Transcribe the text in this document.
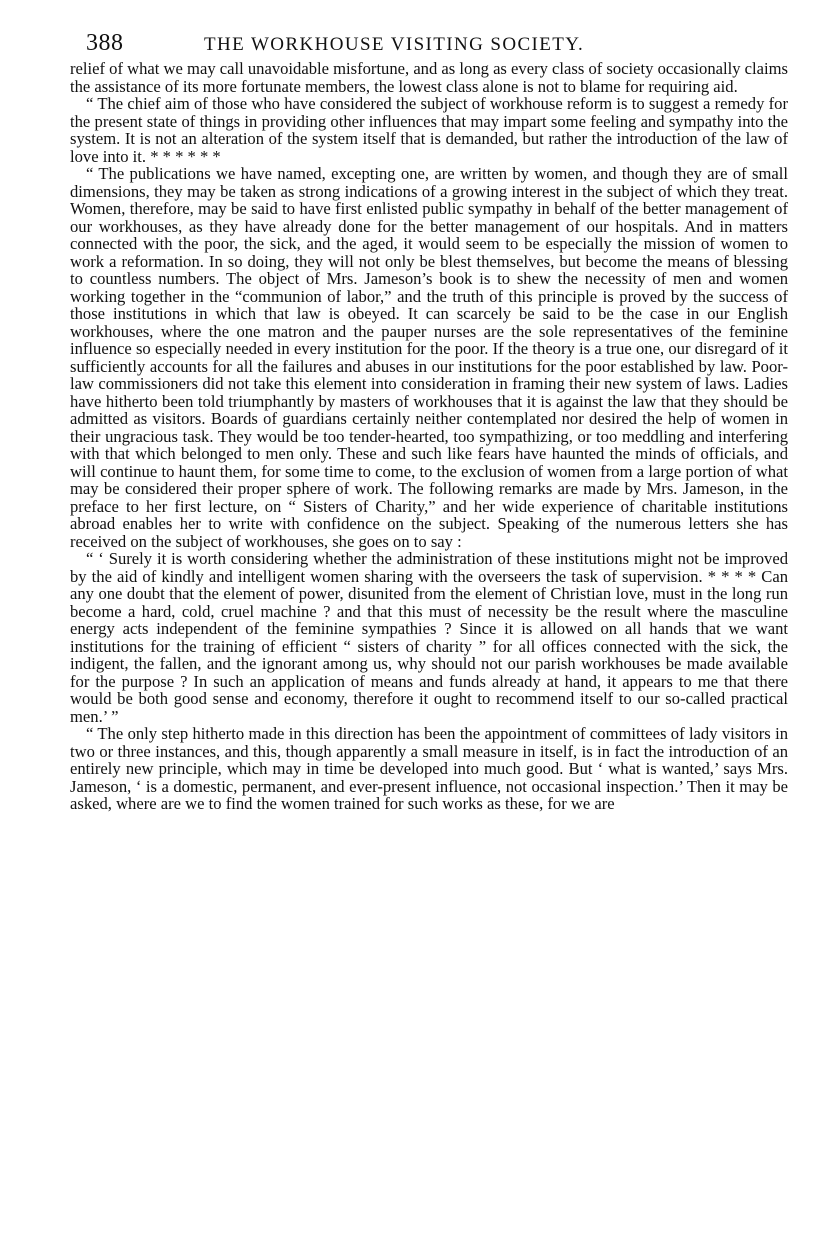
388	THE WORKHOUSE VISITING SOCIETY.

relief of what we may call unavoidable misfortune, and as long as every class of society occasionally claims the assistance of its more fortunate members, the lowest class alone is not to blame for requiring aid.

“ The chief aim of those who have considered the subject of workhouse reform is to suggest a remedy for the present state of things in providing other influences that may impart some feeling and sympathy into the system. It is not an alteration of the system itself that is demanded, but rather the introduction of the law of love into it. * * * * * *

“ The publications we have named, excepting one, are written by women, and though they are of small dimensions, they may be taken as strong indications of a growing interest in the subject of which they treat. Women, therefore, may be said to have first enlisted public sympathy in behalf of the better management of our workhouses, as they have already done for the better management of our hospitals. And in matters connected with the poor, the sick, and the aged, it would seem to be especially the mission of women to work a reformation. In so doing, they will not only be blest themselves, but become the means of blessing to countless numbers. The object of Mrs. Jameson’s book is to shew the necessity of men and women working together in the “communion of labor,” and the truth of this principle is proved by the success of those institutions in which that law is obeyed. It can scarcely be said to be the case in our English workhouses, where the one matron and the pauper nurses are the sole representatives of the feminine influence so especially needed in every institution for the poor. If the theory is a true one, our disregard of it sufficiently accounts for all the failures and abuses in our institutions for the poor established by law. Poor-law commissioners did not take this element into consideration in framing their new system of laws. Ladies have hitherto been told triumphantly by masters of workhouses that it is against the law that they should be admitted as visitors. Boards of guardians certainly neither contemplated nor desired the help of women in their ungracious task. They would be too tender-hearted, too sympathizing, or too meddling and interfering with that which belonged to men only. These and such like fears have haunted the minds of officials, and will continue to haunt them, for some time to come, to the exclusion of women from a large portion of what may be considered their proper sphere of work. The following remarks are made by Mrs. Jameson, in the preface to her first lecture, on “ Sisters of Charity,” and her wide experience of charitable institutions abroad enables her to write with confidence on the subject. Speaking of the numerous letters she has received on the subject of workhouses, she goes on to say :

“ ‘ Surely it is worth considering whether the administration of these institutions might not be improved by the aid of kindly and intelligent women sharing with the overseers the task of supervision. * * * * Can any one doubt that the element of power, disunited from the element of Christian love, must in the long run become a hard, cold, cruel machine ? and that this must of necessity be the result where the masculine energy acts independent of the feminine sympathies ? Since it is allowed on all hands that we want institutions for the training of efficient “ sisters of charity ” for all offices connected with the sick, the indigent, the fallen, and the ignorant among us, why should not our parish workhouses be made available for the purpose ? In such an application of means and funds already at hand, it appears to me that there would be both good sense and economy, therefore it ought to recommend itself to our so-called practical men.’ ”

“ The only step hitherto made in this direction has been the appointment of committees of lady visitors in two or three instances, and this, though apparently a small measure in itself, is in fact the introduction of an entirely new principle, which may in time be developed into much good. But ‘ what is wanted,’ says Mrs. Jameson, ‘ is a domestic, permanent, and ever-present influence, not occasional inspection.’ Then it may be asked, where are we to find the women trained for such works as these, for we are
